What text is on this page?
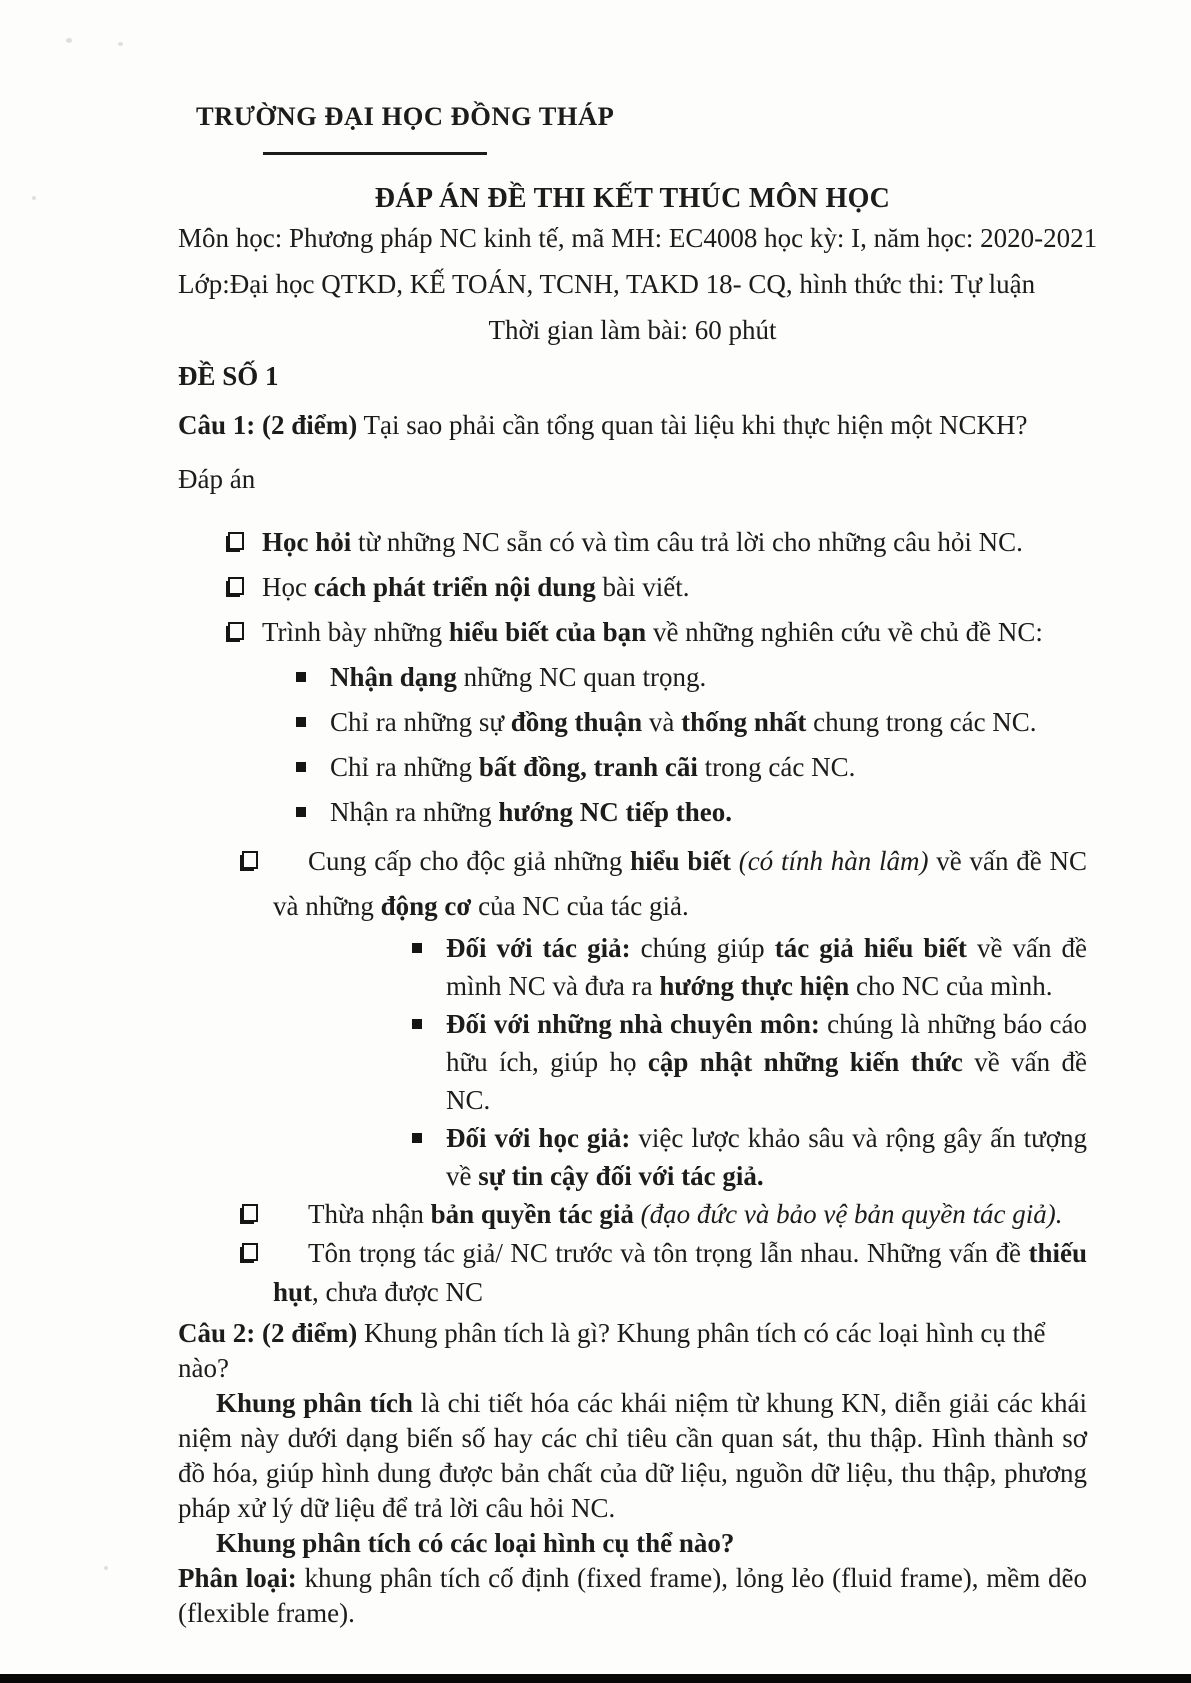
TRƯỜNG ĐẠI HỌC ĐỒNG THÁP
ĐÁP ÁN ĐỀ THI KẾT THÚC MÔN HỌC
Môn học: Phương pháp NC kinh tế, mã MH: EC4008 học kỳ: I, năm học: 2020-2021
Lớp:Đại học QTKD, KẾ TOÁN, TCNH, TAKD 18- CQ, hình thức thi: Tự luận
Thời gian làm bài: 60 phút
ĐỀ SỐ 1
Câu 1: (2 điểm) Tại sao phải cần tổng quan tài liệu khi thực hiện một NCKH?
Đáp án
Học hỏi từ những NC sẵn có và tìm câu trả lời cho những câu hỏi NC.
Học cách phát triển nội dung bài viết.
Trình bày những hiểu biết của bạn về những nghiên cứu về chủ đề NC:
Nhận dạng những NC quan trọng.
Chỉ ra những sự đồng thuận và thống nhất chung trong các NC.
Chỉ ra những bất đồng, tranh cãi trong các NC.
Nhận ra những hướng NC tiếp theo.
Cung cấp cho độc giả những hiểu biết (có tính hàn lâm) về vấn đề NC và những động cơ của NC của tác giả.
Đối với tác giả: chúng giúp tác giả hiểu biết về vấn đề mình NC và đưa ra hướng thực hiện cho NC của mình.
Đối với những nhà chuyên môn: chúng là những báo cáo hữu ích, giúp họ cập nhật những kiến thức về vấn đề NC.
Đối với học giả: việc lược khảo sâu và rộng gây ấn tượng về sự tin cậy đối với tác giả.
Thừa nhận bản quyền tác giả (đạo đức và bảo vệ bản quyền tác giả).
Tôn trọng tác giả/ NC trước và tôn trọng lẫn nhau. Những vấn đề thiếu hụt, chưa được NC
Câu 2: (2 điểm) Khung phân tích là gì? Khung phân tích có các loại hình cụ thể nào?
Khung phân tích là chi tiết hóa các khái niệm từ khung KN, diễn giải các khái niệm này dưới dạng biến số hay các chỉ tiêu cần quan sát, thu thập. Hình thành sơ đồ hóa, giúp hình dung được bản chất của dữ liệu, nguồn dữ liệu, thu thập, phương pháp xử lý dữ liệu để trả lời câu hỏi NC.
Khung phân tích có các loại hình cụ thể nào?
Phân loại: khung phân tích cố định (fixed frame), lỏng lẻo (fluid frame), mềm dẽo (flexible frame).
